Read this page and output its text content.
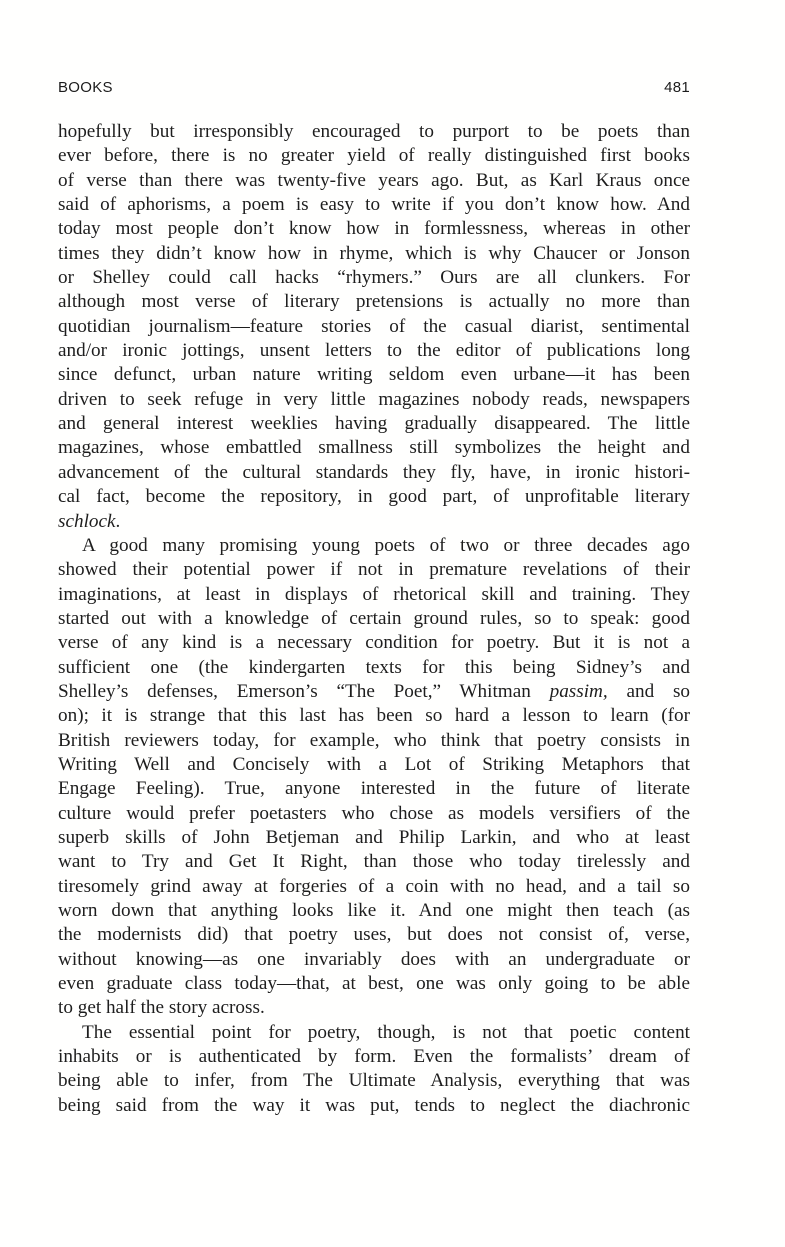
BOOKS	481
hopefully but irresponsibly encouraged to purport to be poets than
ever before, there is no greater yield of really distinguished first books
of verse than there was twenty-five years ago. But, as Karl Kraus once
said of aphorisms, a poem is easy to write if you don’t know how. And
today most people don’t know how in formlessness, whereas in other
times they didn’t know how in rhyme, which is why Chaucer or Jonson
or Shelley could call hacks “rhymers.” Ours are all clunkers. For
although most verse of literary pretensions is actually no more than
quotidian journalism—feature stories of the casual diarist, sentimental
and/or ironic jottings, unsent letters to the editor of publications long
since defunct, urban nature writing seldom even urbane—it has been
driven to seek refuge in very little magazines nobody reads, newspapers
and general interest weeklies having gradually disappeared. The little
magazines, whose embattled smallness still symbolizes the height and
advancement of the cultural standards they fly, have, in ironic histori-
cal fact, become the repository, in good part, of unprofitable literary
schlock.
A good many promising young poets of two or three decades ago
showed their potential power if not in premature revelations of their
imaginations, at least in displays of rhetorical skill and training. They
started out with a knowledge of certain ground rules, so to speak: good
verse of any kind is a necessary condition for poetry. But it is not a
sufficient one (the kindergarten texts for this being Sidney’s and
Shelley’s defenses, Emerson’s “The Poet,” Whitman passim, and so
on); it is strange that this last has been so hard a lesson to learn (for
British reviewers today, for example, who think that poetry consists in
Writing Well and Concisely with a Lot of Striking Metaphors that
Engage Feeling). True, anyone interested in the future of literate
culture would prefer poetasters who chose as models versifiers of the
superb skills of John Betjeman and Philip Larkin, and who at least
want to Try and Get It Right, than those who today tirelessly and
tiresomely grind away at forgeries of a coin with no head, and a tail so
worn down that anything looks like it. And one might then teach (as
the modernists did) that poetry uses, but does not consist of, verse,
without knowing—as one invariably does with an undergraduate or
even graduate class today—that, at best, one was only going to be able
to get half the story across.
The essential point for poetry, though, is not that poetic content
inhabits or is authenticated by form. Even the formalists’ dream of
being able to infer, from The Ultimate Analysis, everything that was
being said from the way it was put, tends to neglect the diachronic
